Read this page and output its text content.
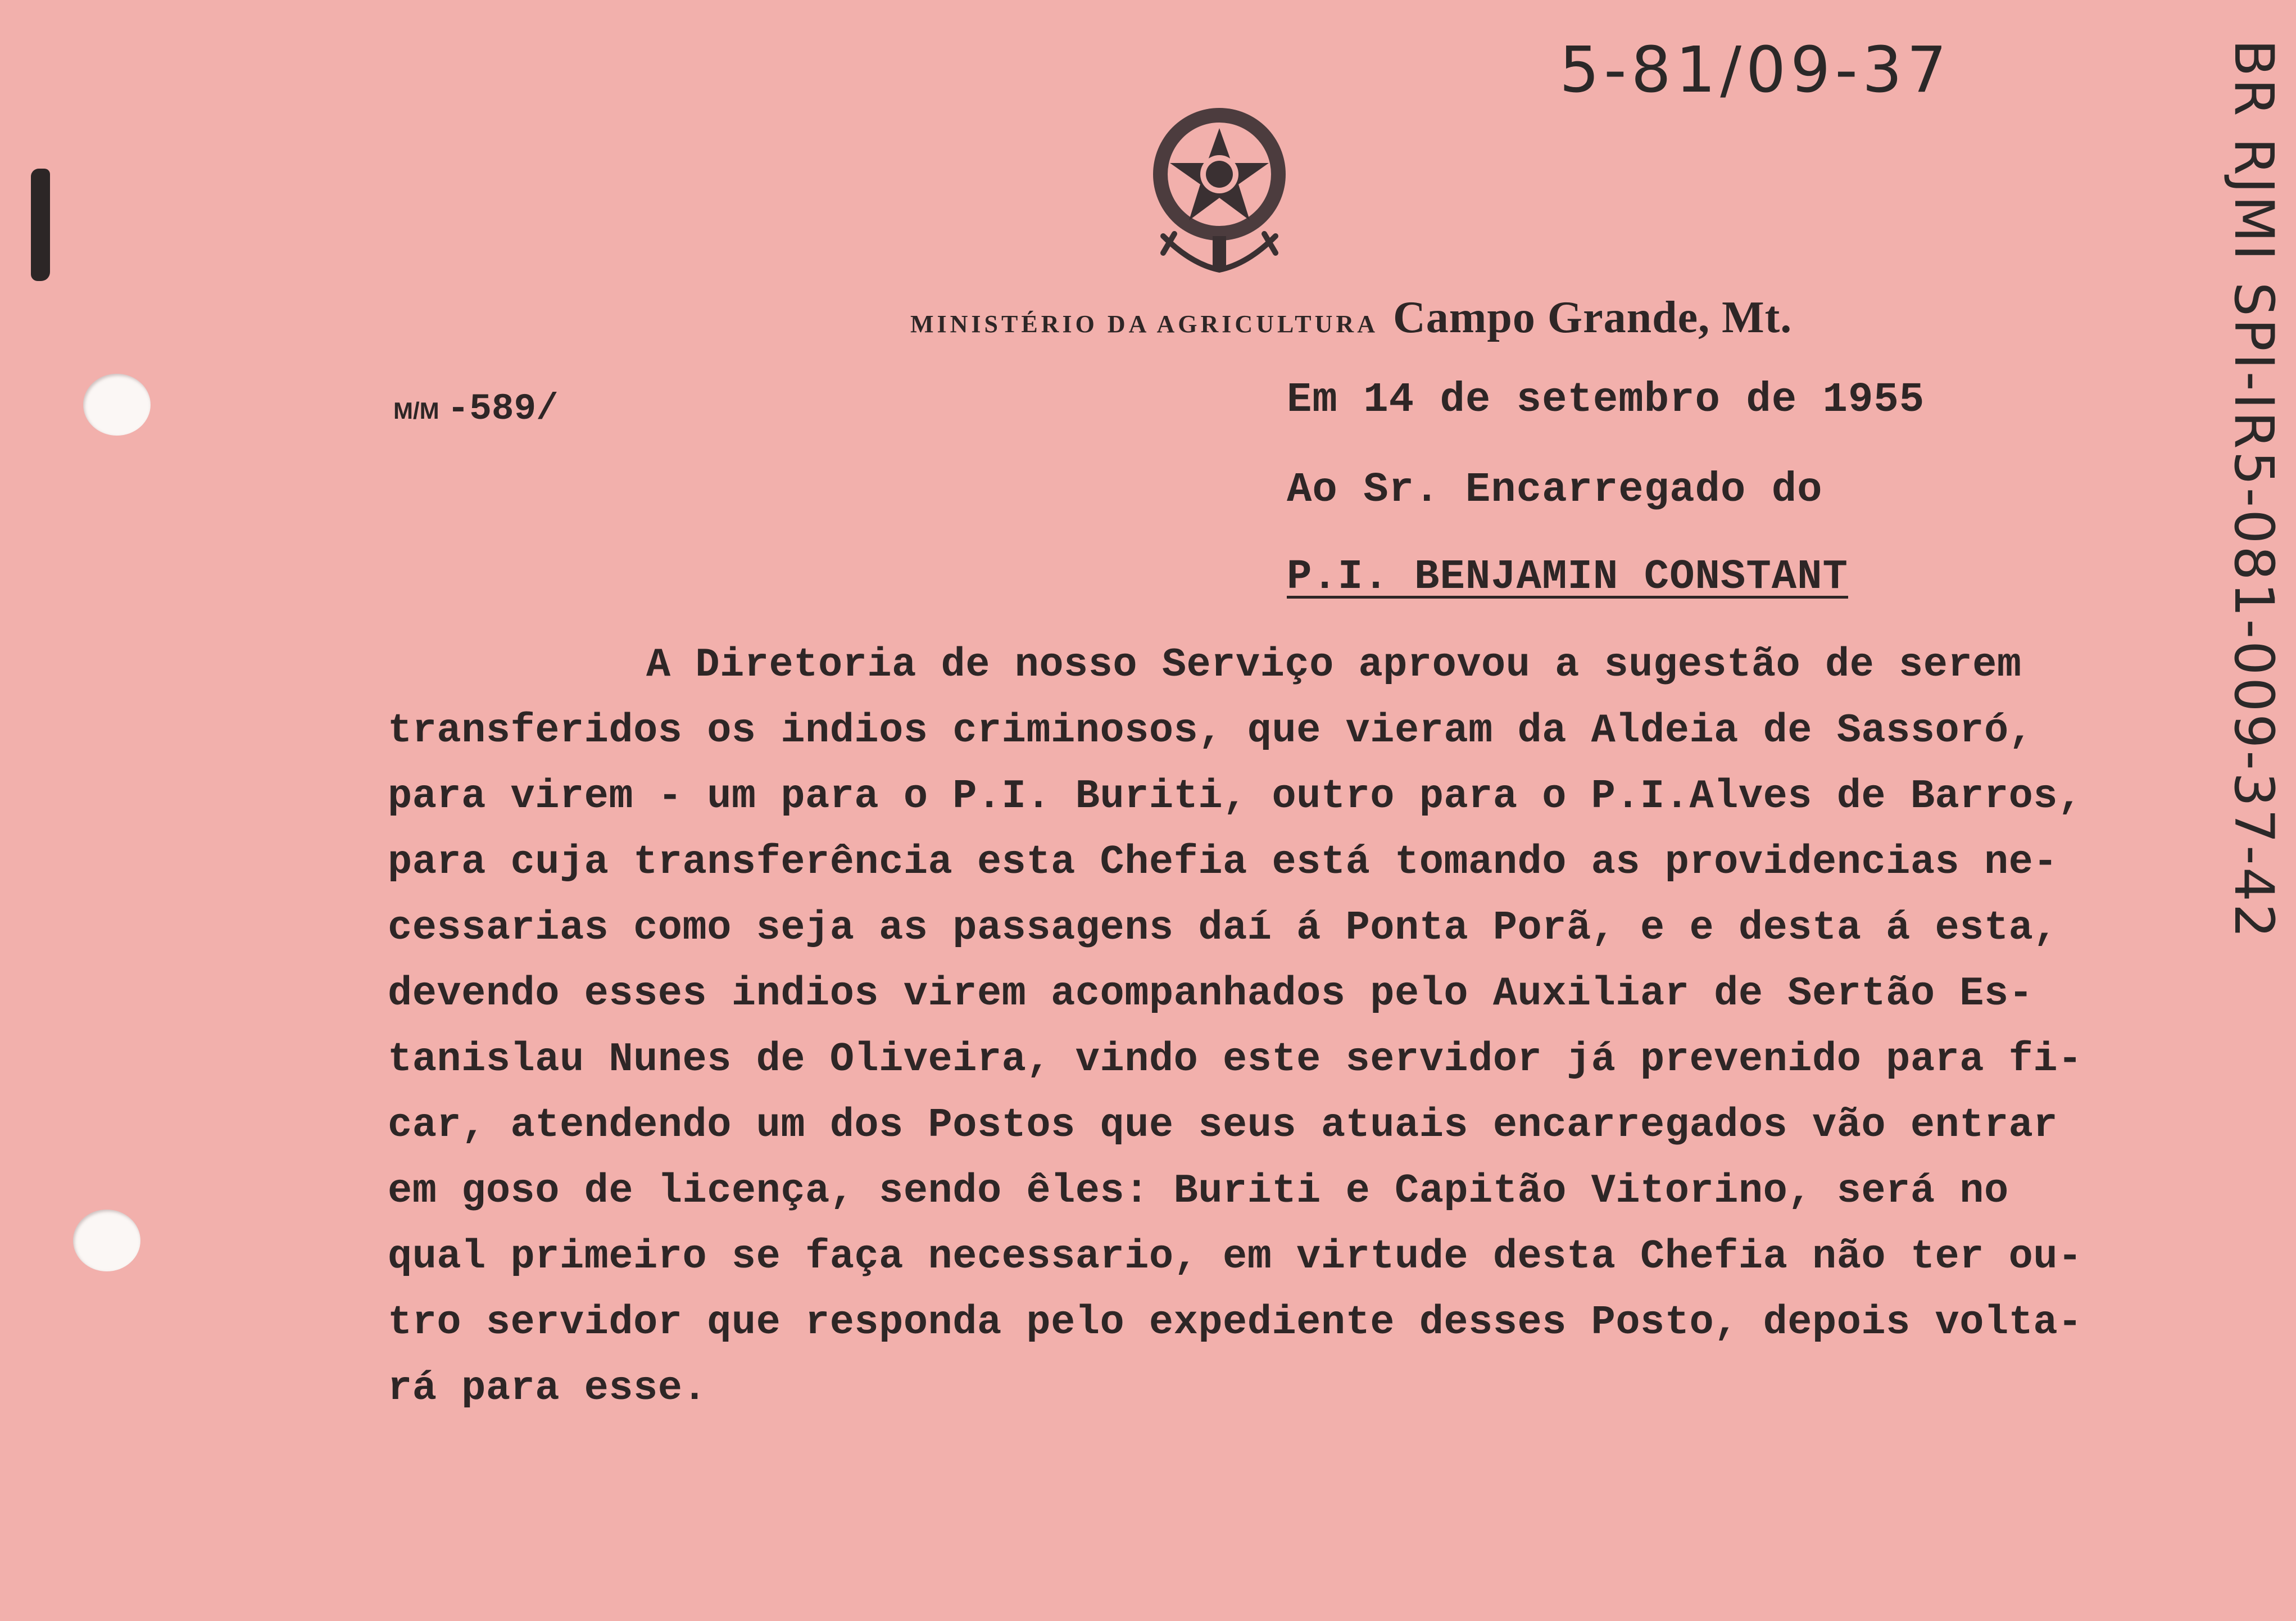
5-81/09-37	BR RJMI SPI-IR5-081-009-37-42
MINISTÉRIO DA AGRICULTURA Campo Grande, Mt.
M/M -589/	Em 14 de setembro de 1955
Ao Sr. Encarregado do
P.I. BENJAMIN CONSTANT
A Diretoria de nosso Serviço aprovou a sugestão de serem
transferidos os indios criminosos, que vieram da Aldeia de Sassoró,
para virem - um para o P.I. Buriti, outro para o P.I.Alves de Barros,
para cuja transferência esta Chefia está tomando as providencias ne-
cessarias como seja as passagens daí á Ponta Porã, e e desta á esta,
devendo esses indios virem acompanhados pelo Auxiliar de Sertão Es-
tanislau Nunes de Oliveira, vindo este servidor já prevenido para fi-
car, atendendo um dos Postos que seus atuais encarregados vão entrar
em goso de licença, sendo êles: Buriti e Capitão Vitorino, será no
qual primeiro se faça necessario, em virtude desta Chefia não ter ou-
tro servidor que responda pelo expediente desses Posto, depois volta-
rá para esse.
